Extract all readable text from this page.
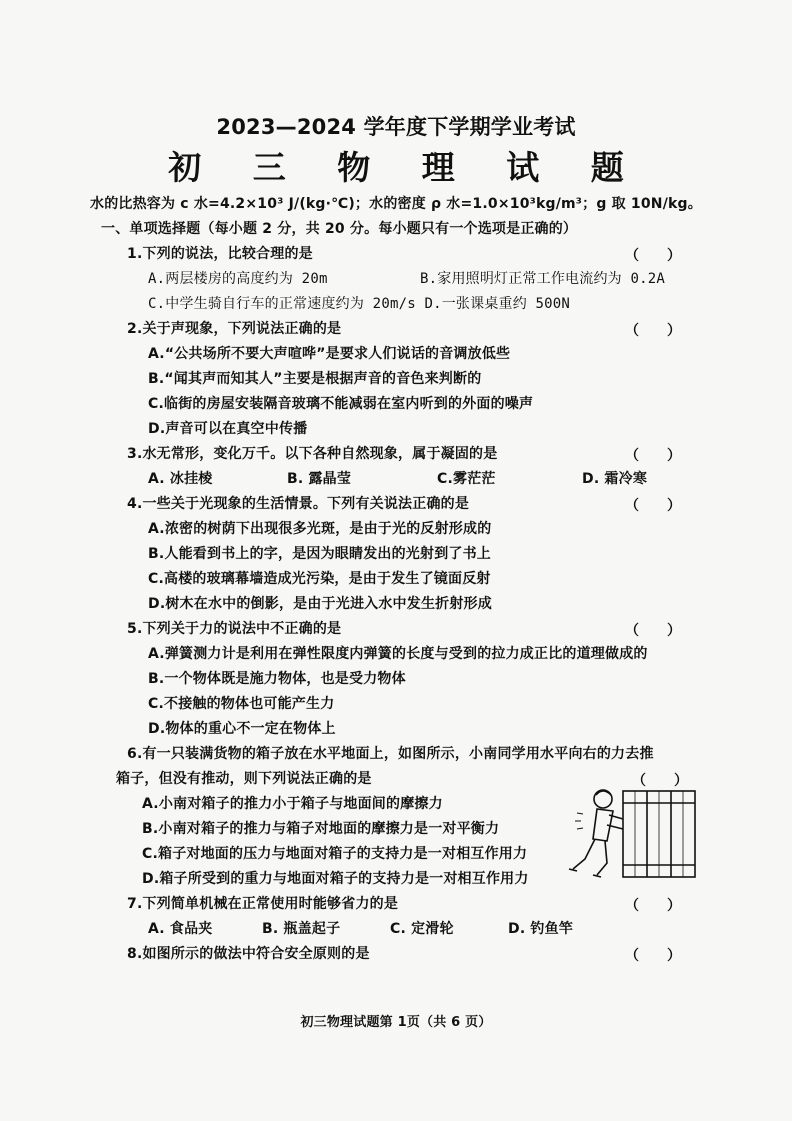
2023—2024 学年度下学期学业考试
初 三 物 理 试 题
水的比热容为 c 水=4.2×10³ J/(kg·℃)；水的密度 ρ 水=1.0×10³kg/m³；g 取 10N/kg。
一、单项选择题（每小题 2 分，共 20 分。每小题只有一个选项是正确的）
1.下列的说法，比较合理的是	（　　）
A.两层楼房的高度约为 20m	B.家用照明灯正常工作电流约为 0.2A
C.中学生骑自行车的正常速度约为 20m/s D.一张课桌重约 500N
2.关于声现象，下列说法正确的是	（　　）
A.“公共场所不要大声喧哗”是要求人们说话的音调放低些
B.“闻其声而知其人”主要是根据声音的音色来判断的
C.临街的房屋安装隔音玻璃不能减弱在室内听到的外面的噪声
D.声音可以在真空中传播
3.水无常形，变化万千。以下各种自然现象，属于凝固的是	（　　）
A. 冰挂棱	B. 露晶莹	C.雾茫茫	D. 霜冷寒
4.一些关于光现象的生活情景。下列有关说法正确的是	（　　）
A.浓密的树荫下出现很多光斑，是由于光的反射形成的
B.人能看到书上的字，是因为眼睛发出的光射到了书上
C.高楼的玻璃幕墙造成光污染，是由于发生了镜面反射
D.树木在水中的倒影，是由于光进入水中发生折射形成
5.下列关于力的说法中不正确的是	（　　）
A.弹簧测力计是利用在弹性限度内弹簧的长度与受到的拉力成正比的道理做成的
B.一个物体既是施力物体，也是受力物体
C.不接触的物体也可能产生力
D.物体的重心不一定在物体上
6.有一只装满货物的箱子放在水平地面上，如图所示，小南同学用水平向右的力去推
箱子，但没有推动，则下列说法正确的是	（　　）
A.小南对箱子的推力小于箱子与地面间的摩擦力
B.小南对箱子的推力与箱子对地面的摩擦力是一对平衡力
C.箱子对地面的压力与地面对箱子的支持力是一对相互作用力
D.箱子所受到的重力与地面对箱子的支持力是一对相互作用力
7.下列简单机械在正常使用时能够省力的是	（　　）
A. 食品夹	B. 瓶盖起子	C. 定滑轮	D. 钓鱼竿
8.如图所示的做法中符合安全原则的是	（　　）
初三物理试题第 1页（共 6 页）
